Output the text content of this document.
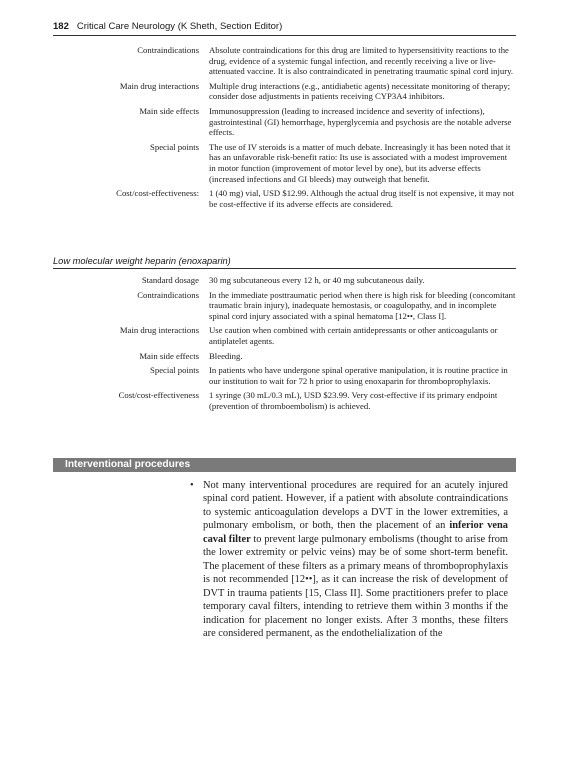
182 Critical Care Neurology (K Sheth, Section Editor)
Contraindications	Absolute contraindications for this drug are limited to hypersensitivity reactions to the drug, evidence of a systemic fungal infection, and recently receiving a live or live-attenuated vaccine. It is also contraindicated in penetrating traumatic spinal cord injury.
Main drug interactions	Multiple drug interactions (e.g., antidiabetic agents) necessitate monitoring of therapy; consider dose adjustments in patients receiving CYP3A4 inhibitors.
Main side effects	Immunosuppression (leading to increased incidence and severity of infections), gastrointestinal (GI) hemorrhage, hyperglycemia and psychosis are the notable adverse effects.
Special points	The use of IV steroids is a matter of much debate. Increasingly it has been noted that it has an unfavorable risk-benefit ratio: Its use is associated with a modest improvement in motor function (improvement of motor level by one), but its adverse effects (increased infections and GI bleeds) may outweigh that benefit.
Cost/cost-effectiveness:	1 (40 mg) vial, USD $12.99. Although the actual drug itself is not expensive, it may not be cost-effective if its adverse effects are considered.
Low molecular weight heparin (enoxaparin)
Standard dosage	30 mg subcutaneous every 12 h, or 40 mg subcutaneous daily.
Contraindications	In the immediate posttraumatic period when there is high risk for bleeding (concomitant traumatic brain injury), inadequate hemostasis, or coagulopathy, and in incomplete spinal cord injury associated with a spinal hematoma [12••, Class I].
Main drug interactions	Use caution when combined with certain antidepressants or other anticoagulants or antiplatelet agents.
Main side effects	Bleeding.
Special points	In patients who have undergone spinal operative manipulation, it is routine practice in our institution to wait for 72 h prior to using enoxaparin for thromboprophylaxis.
Cost/cost-effectiveness	1 syringe (30 mL/0.3 mL), USD $23.99. Very cost-effective if its primary endpoint (prevention of thromboembolism) is achieved.
Interventional procedures
• Not many interventional procedures are required for an acutely injured spinal cord patient. However, if a patient with absolute contraindications to systemic anticoagulation develops a DVT in the lower extremities, a pulmonary embolism, or both, then the placement of an inferior vena caval filter to prevent large pulmonary embolisms (thought to arise from the lower extremity or pelvic veins) may be of some short-term benefit. The placement of these filters as a primary means of thromboprophylaxis is not recommended [12••], as it can increase the risk of development of DVT in trauma patients [15, Class II]. Some practitioners prefer to place temporary caval filters, intending to retrieve them within 3 months if the indication for placement no longer exists. After 3 months, these filters are considered permanent, as the endothelialization of the
